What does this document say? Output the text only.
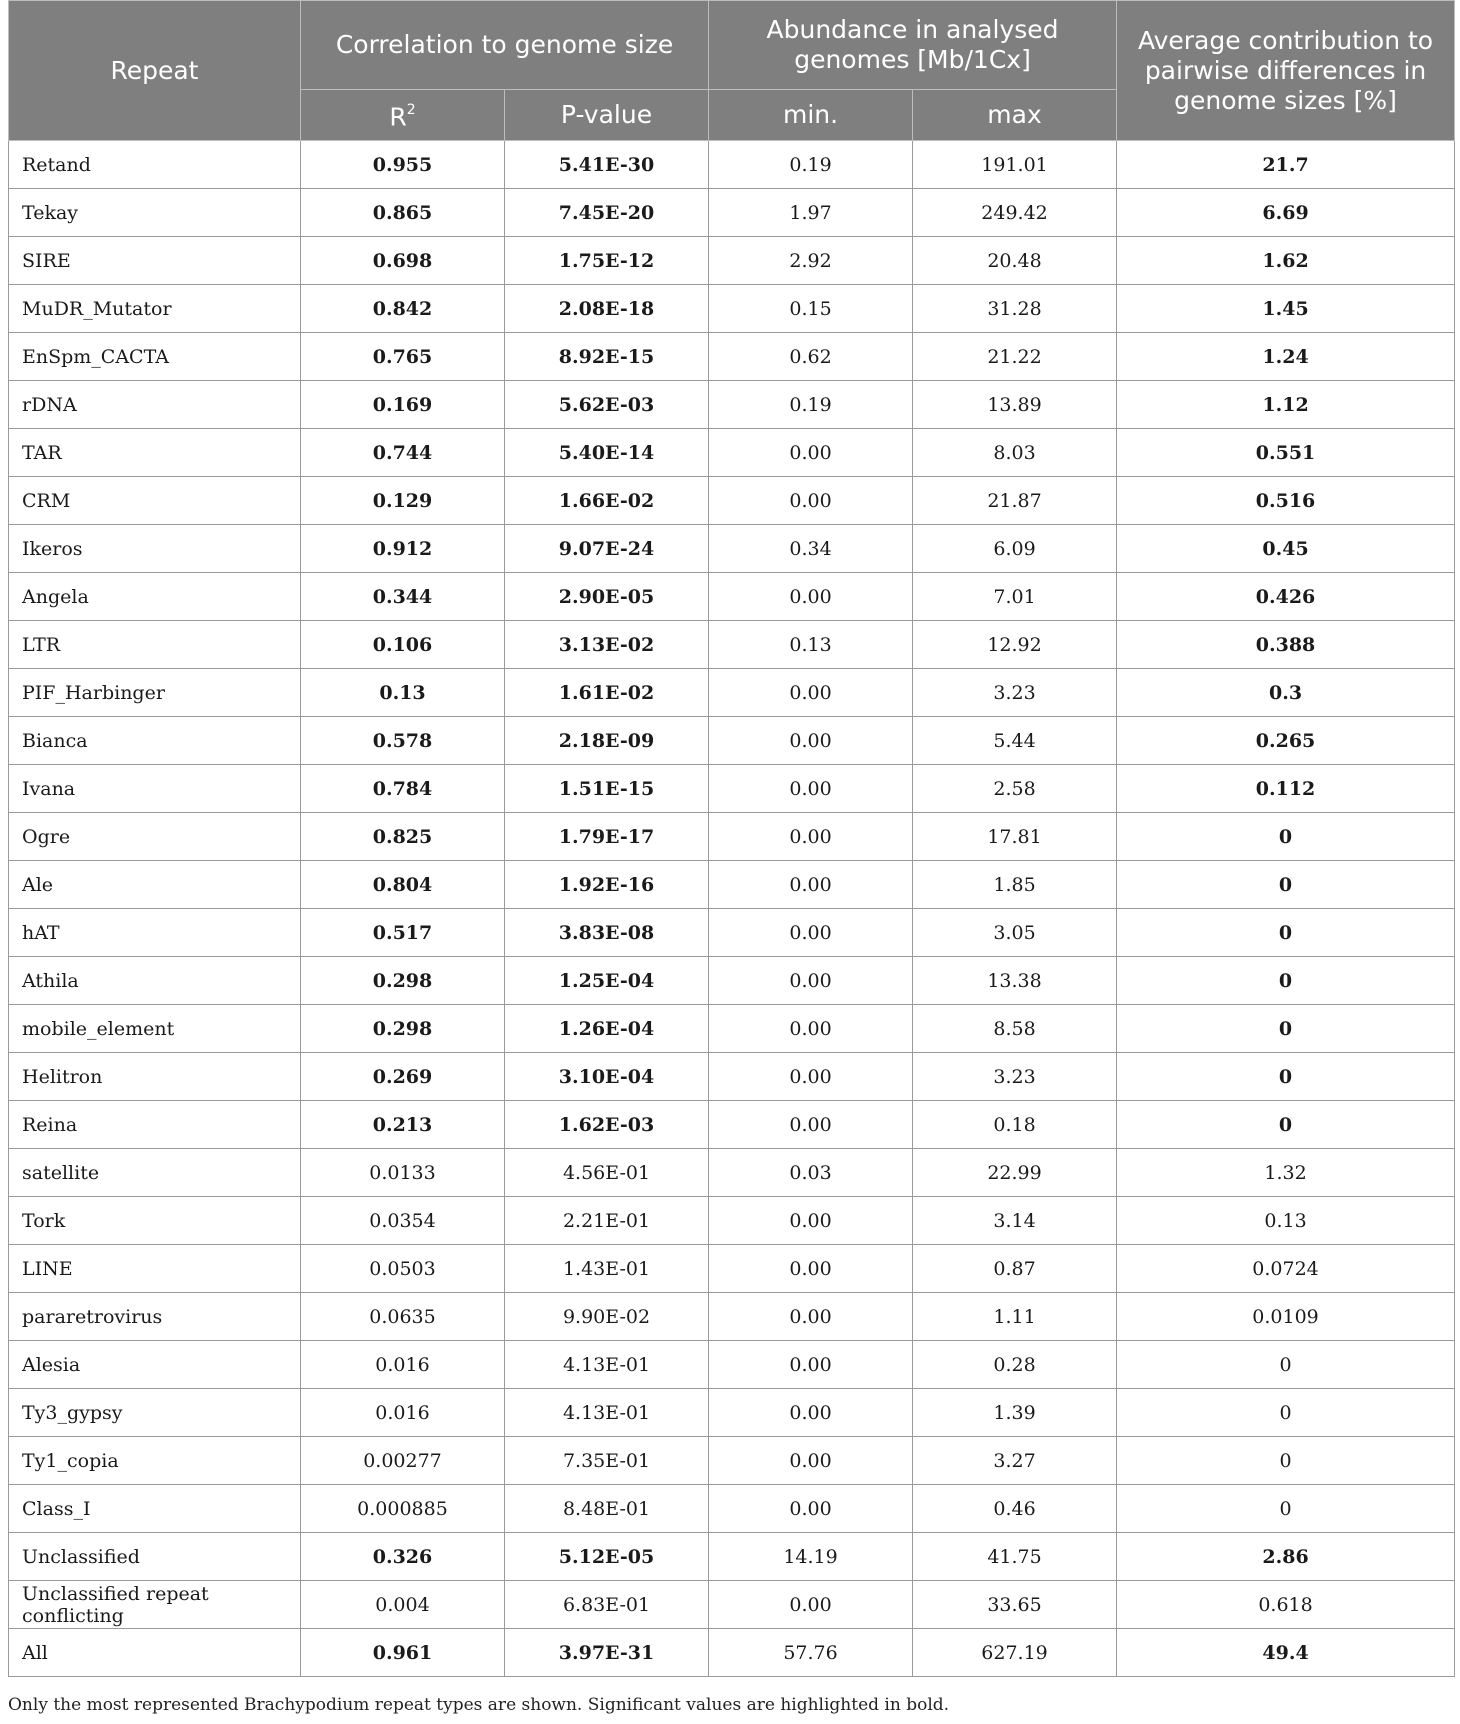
Repeat	Correlation to genome size		Abundance in analysed genomes [Mb/1Cx]		Average contribution to pairwise differences in genome sizes [%]
	$R^2$	P-value	min.	max	
Retand	0.955	5.41E-30	0.19	191.01	21.7
Tekay	0.865	7.45E-20	1.97	249.42	6.69
SIRE	0.698	1.75E-12	2.92	20.48	1.62
MuDR_Mutator	0.842	2.08E-18	0.15	31.28	1.45
EnSpm_CACTA	0.765	8.92E-15	0.62	21.22	1.24
rDNA	0.169	5.62E-03	0.19	13.89	1.12
TAR	0.744	5.40E-14	0.00	8.03	0.551
CRM	0.129	1.66E-02	0.00	21.87	0.516
Ikeros	0.912	9.07E-24	0.34	6.09	0.45
Angela	0.344	2.90E-05	0.00	7.01	0.426
LTR	0.106	3.13E-02	0.13	12.92	0.388
PIF_Harbinger	0.13	1.61E-02	0.00	3.23	0.3
Bianca	0.578	2.18E-09	0.00	5.44	0.265
Ivana	0.784	1.51E-15	0.00	2.58	0.112
Ogre	0.825	1.79E-17	0.00	17.81	0
Ale	0.804	1.92E-16	0.00	1.85	0
hAT	0.517	3.83E-08	0.00	3.05	0
Athila	0.298	1.25E-04	0.00	13.38	0
mobile_element	0.298	1.26E-04	0.00	8.58	0
Helitron	0.269	3.10E-04	0.00	3.23	0
Reina	0.213	1.62E-03	0.00	0.18	0
satellite	0.0133	4.56E-01	0.03	22.99	1.32
Tork	0.0354	2.21E-01	0.00	3.14	0.13
LINE	0.0503	1.43E-01	0.00	0.87	0.0724
pararetrovirus	0.0635	9.90E-02	0.00	1.11	0.0109
Alesia	0.016	4.13E-01	0.00	0.28	0
Ty3_gypsy	0.016	4.13E-01	0.00	1.39	0
Ty1_copia	0.00277	7.35E-01	0.00	3.27	0
Class_I	0.000885	8.48E-01	0.00	0.46	0
Unclassified	0.326	5.12E-05	14.19	41.75	2.86
Unclassified repeat conflicting	0.004	6.83E-01	0.00	33.65	0.618
All	0.961	3.97E-31	57.76	627.19	49.4
Only the most represented Brachypodium repeat types are shown. Significant values are highlighted in bold.
